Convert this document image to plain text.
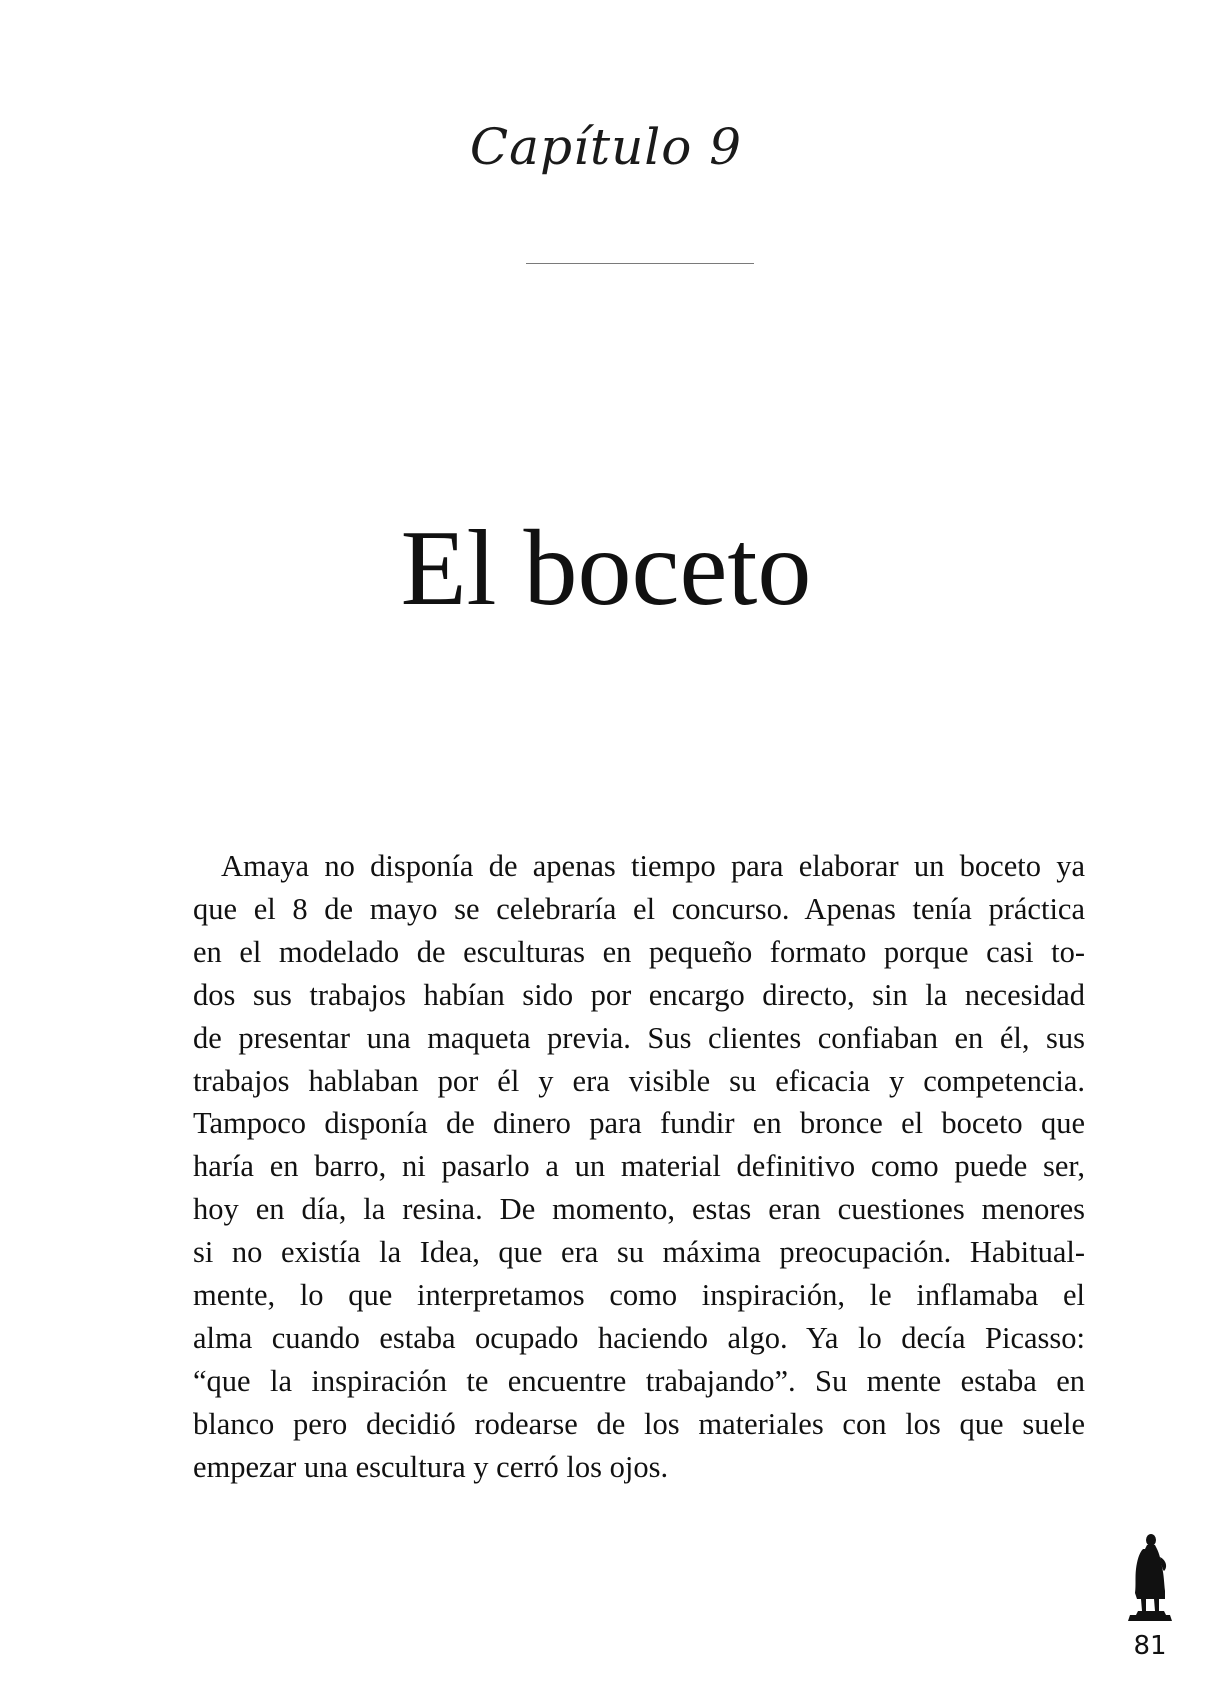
Capítulo 9
El boceto
Amaya no disponía de apenas tiempo para elaborar un boceto ya
que el 8 de mayo se celebraría el concurso. Apenas tenía práctica
en el modelado de esculturas en pequeño formato porque casi to-
dos sus trabajos habían sido por encargo directo, sin la necesidad
de presentar una maqueta previa. Sus clientes confiaban en él, sus
trabajos hablaban por él y era visible su eficacia y competencia.
Tampoco disponía de dinero para fundir en bronce el boceto que
haría en barro, ni pasarlo a un material definitivo como puede ser,
hoy en día, la resina. De momento, estas eran cuestiones menores
si no existía la Idea, que era su máxima preocupación. Habitual-
mente, lo que interpretamos como inspiración, le inflamaba el
alma cuando estaba ocupado haciendo algo. Ya lo decía Picasso:
“que la inspiración te encuentre trabajando”. Su mente estaba en
blanco pero decidió rodearse de los materiales con los que suele
empezar una escultura y cerró los ojos.
81
